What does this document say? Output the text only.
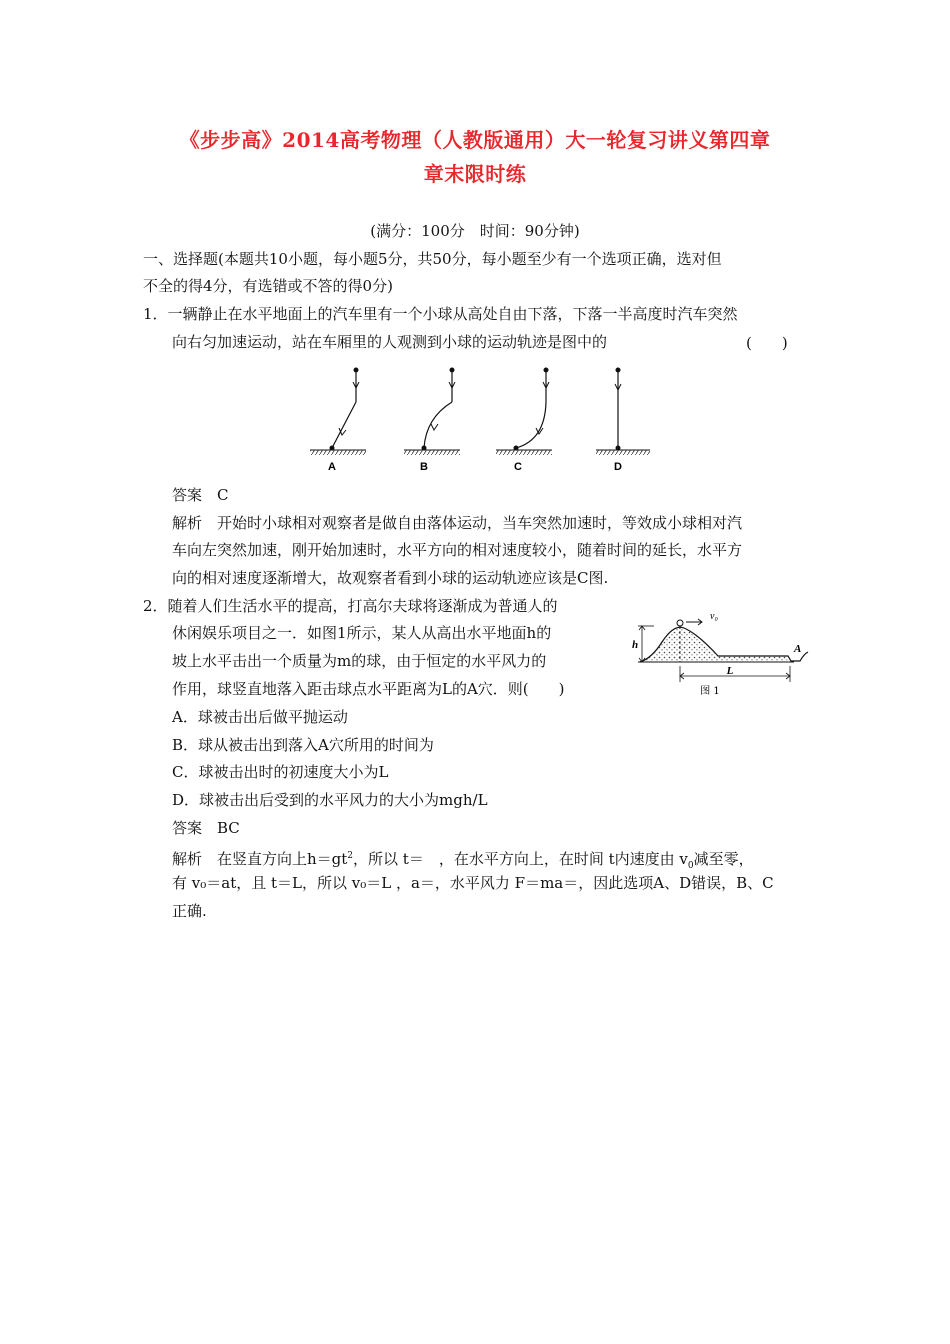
《步步高》2014高考物理（人教版通用）大一轮复习讲义第四章
章末限时练
(满分：100分　时间：90分钟)
一、选择题(本题共10小题，每小题5分，共50分，每小题至少有一个选项正确，选对但
不全的得4分，有选错或不答的得0分)
1．一辆静止在水平地面上的汽车里有一个小球从高处自由下落，下落一半高度时汽车突然
向右匀加速运动，站在车厢里的人观测到小球的运动轨迹是图中的	(　　)
A	B	C	D
答案　C
解析　开始时小球相对观察者是做自由落体运动，当车突然加速时，等效成小球相对汽
车向左突然加速，刚开始加速时，水平方向的相对速度较小，随着时间的延长，水平方
向的相对速度逐渐增大，故观察者看到小球的运动轨迹应该是C图.
2．随着人们生活水平的提高，打高尔夫球将逐渐成为普通人的
休闲娱乐项目之一．如图1所示，某人从高出水平地面h的
坡上水平击出一个质量为m的球，由于恒定的水平风力的
作用，球竖直地落入距击球点水平距离为L的A穴．则(　　)
v₀
h	A
L
图 1
A．球被击出后做平抛运动
B．球从被击出到落入A穴所用的时间为
C．球被击出时的初速度大小为L
D．球被击出后受到的水平风力的大小为mgh/L
答案　BC
解析　在竖直方向上$h=gt^2$，所以 t＝　，在水平方向上，在时间 t内速度由 $v_0$减至零，
有 v₀＝at，且 t＝L，所以 v₀＝L ，a＝，水平风力 F＝ma＝，因此选项A、D错误，B、C
正确.
